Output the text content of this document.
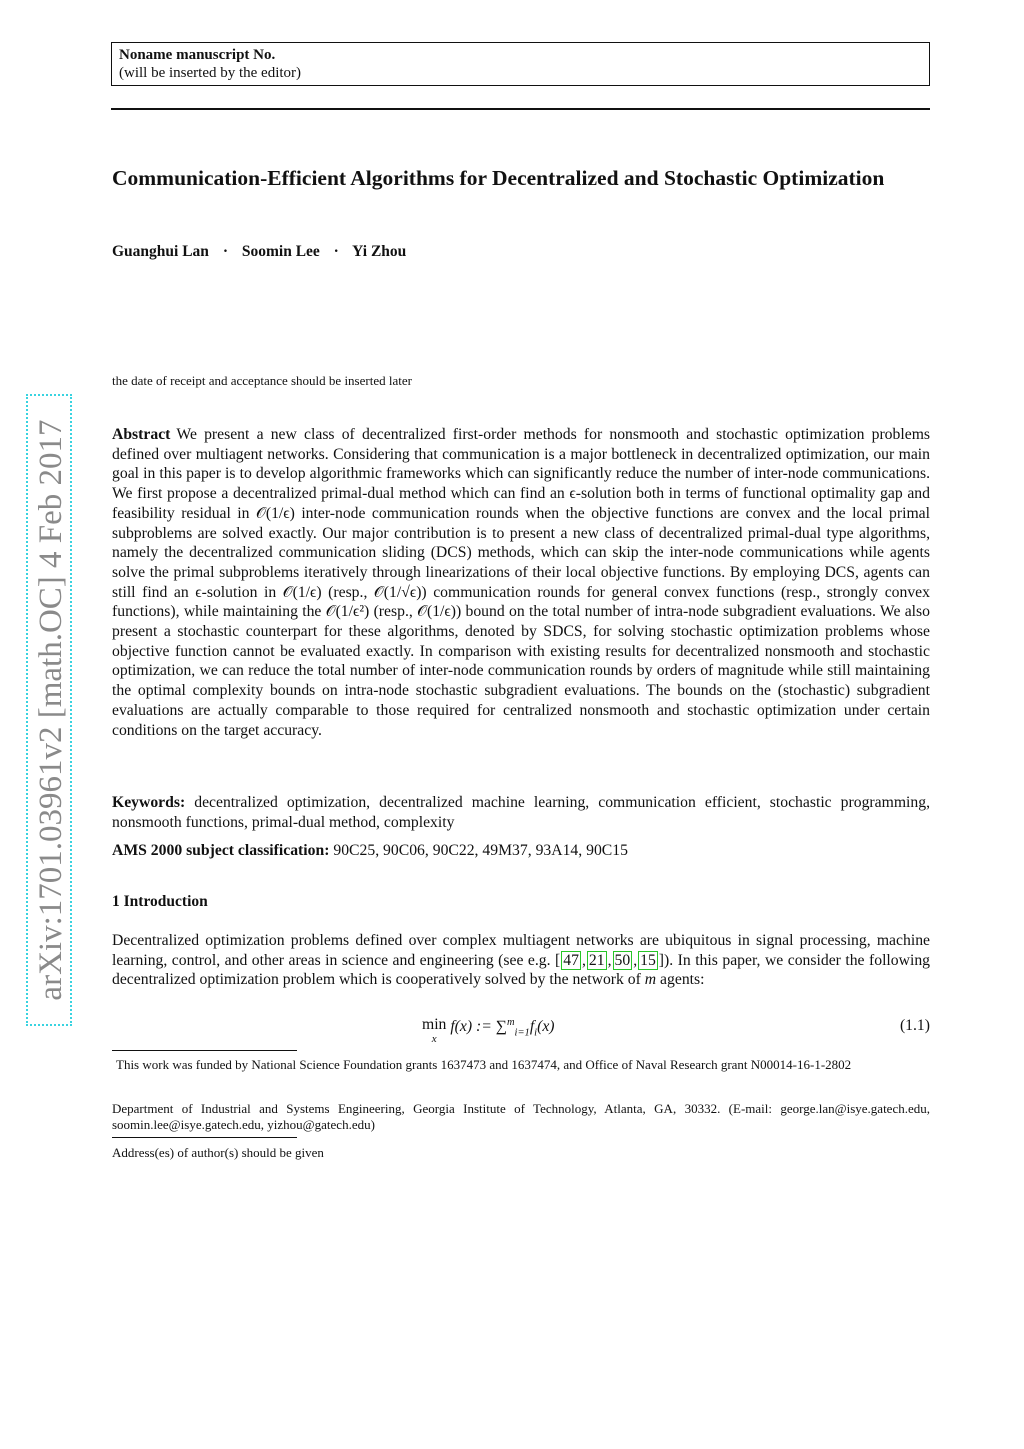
arXiv:1701.03961v2 [math.OC] 4 Feb 2017
Noname manuscript No.
(will be inserted by the editor)
Communication-Efficient Algorithms for Decentralized and Stochastic Optimization
Guanghui Lan · Soomin Lee · Yi Zhou
the date of receipt and acceptance should be inserted later

Abstract We present a new class of decentralized first-order methods for nonsmooth and stochastic optimization problems defined over multiagent networks. Considering that communication is a major bottleneck in decentralized optimization, our main goal in this paper is to develop algorithmic frameworks which can significantly reduce the number of inter-node communications. We first propose a decentralized primal-dual method which can find an ϵ-solution both in terms of functional optimality gap and feasibility residual in 𝒪(1/ϵ) inter-node communication rounds when the objective functions are convex and the local primal subproblems are solved exactly. Our major contribution is to present a new class of decentralized primal-dual type algorithms, namely the decentralized communication sliding (DCS) methods, which can skip the inter-node communications while agents solve the primal subproblems iteratively through linearizations of their local objective functions. By employing DCS, agents can still find an ϵ-solution in 𝒪(1/ϵ) (resp., 𝒪(1/√ϵ)) communication rounds for general convex functions (resp., strongly convex functions), while maintaining the 𝒪(1/ϵ²) (resp., 𝒪(1/ϵ)) bound on the total number of intra-node subgradient evaluations. We also present a stochastic counterpart for these algorithms, denoted by SDCS, for solving stochastic optimization problems whose objective function cannot be evaluated exactly. In comparison with existing results for decentralized nonsmooth and stochastic optimization, we can reduce the total number of inter-node communication rounds by orders of magnitude while still maintaining the optimal complexity bounds on intra-node stochastic subgradient evaluations. The bounds on the (stochastic) subgradient evaluations are actually comparable to those required for centralized nonsmooth and stochastic optimization under certain conditions on the target accuracy.

Keywords: decentralized optimization, decentralized machine learning, communication efficient, stochastic programming, nonsmooth functions, primal-dual method, complexity

AMS 2000 subject classification: 90C25, 90C06, 90C22, 49M37, 93A14, 90C15
1 Introduction

Decentralized optimization problems defined over complex multiagent networks are ubiquitous in signal processing, machine learning, control, and other areas in science and engineering (see e.g. [ 47 , 21 , 50 , 15 ]). In this paper, we consider the following decentralized optimization problem which is cooperatively solved by the network of m agents:

min
x
f(x) := $\sum^m_{i=1}f_i(x)$	(1.1)

This work was funded by National Science Foundation grants 1637473 and 1637474, and Office of Naval Research grant N00014-16-1-2802

Department of Industrial and Systems Engineering, Georgia Institute of Technology, Atlanta, GA, 30332. (E-mail: george.lan@isye.gatech.edu, soomin.lee@isye.gatech.edu, yizhou@gatech.edu)

Address(es) of author(s) should be given
